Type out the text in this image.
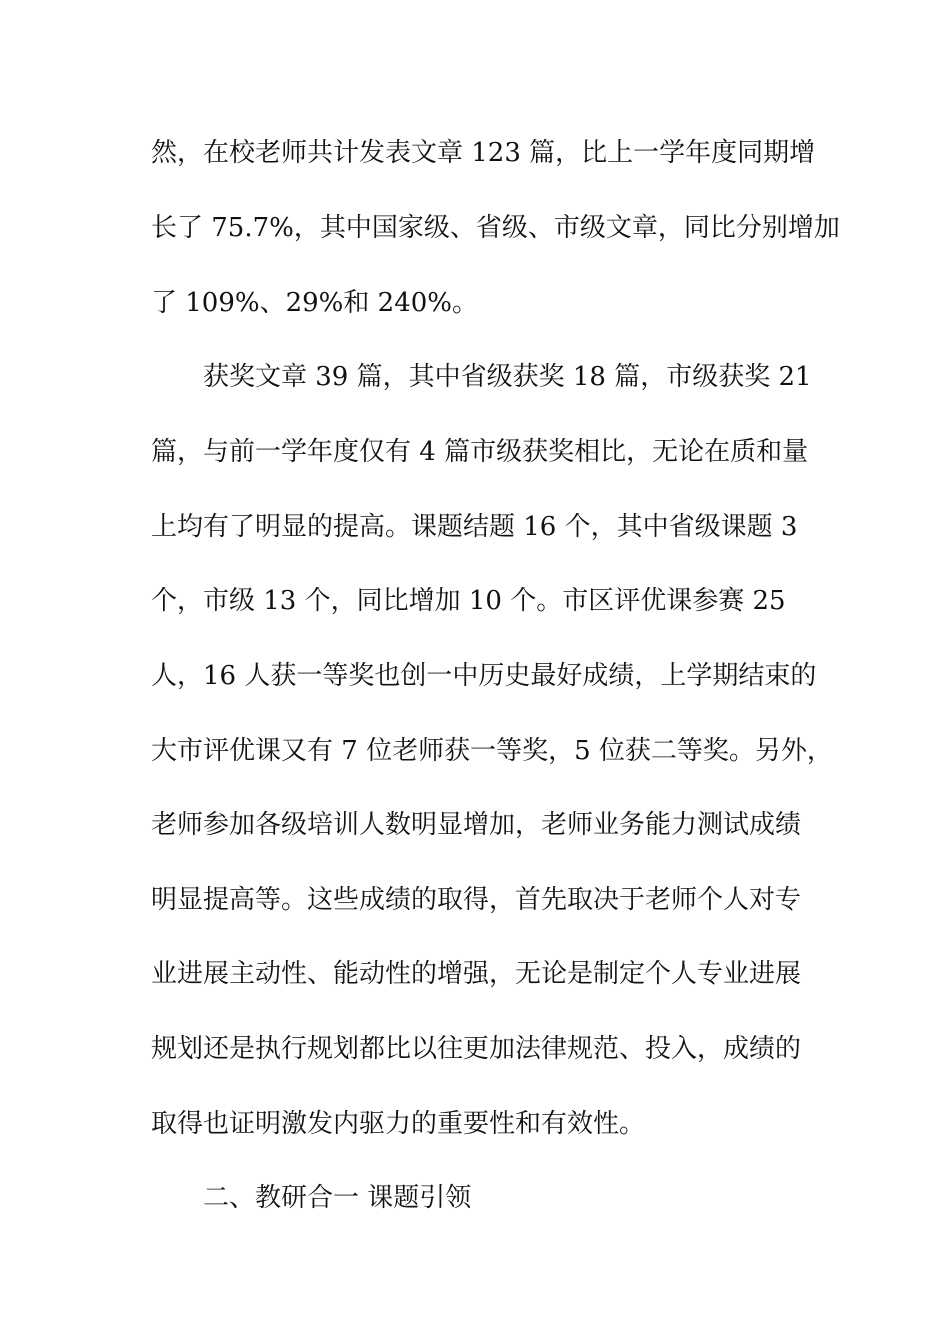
然，在校老师共计发表文章 123 篇，比上一学年度同期增
长了 75.7%，其中国家级、省级、市级文章，同比分别增加
了 109%、29%和 240%。
获奖文章 39 篇，其中省级获奖 18 篇，市级获奖 21
篇，与前一学年度仅有 4 篇市级获奖相比，无论在质和量
上均有了明显的提高。课题结题 16 个，其中省级课题 3
个，市级 13 个，同比增加 10 个。市区评优课参赛 25
人，16 人获一等奖也创一中历史最好成绩，上学期结束的
大市评优课又有 7 位老师获一等奖，5 位获二等奖。另外，
老师参加各级培训人数明显增加，老师业务能力测试成绩
明显提高等。这些成绩的取得，首先取决于老师个人对专
业进展主动性、能动性的增强，无论是制定个人专业进展
规划还是执行规划都比以往更加法律规范、投入，成绩的
取得也证明激发内驱力的重要性和有效性。
二、教研合一 课题引领
